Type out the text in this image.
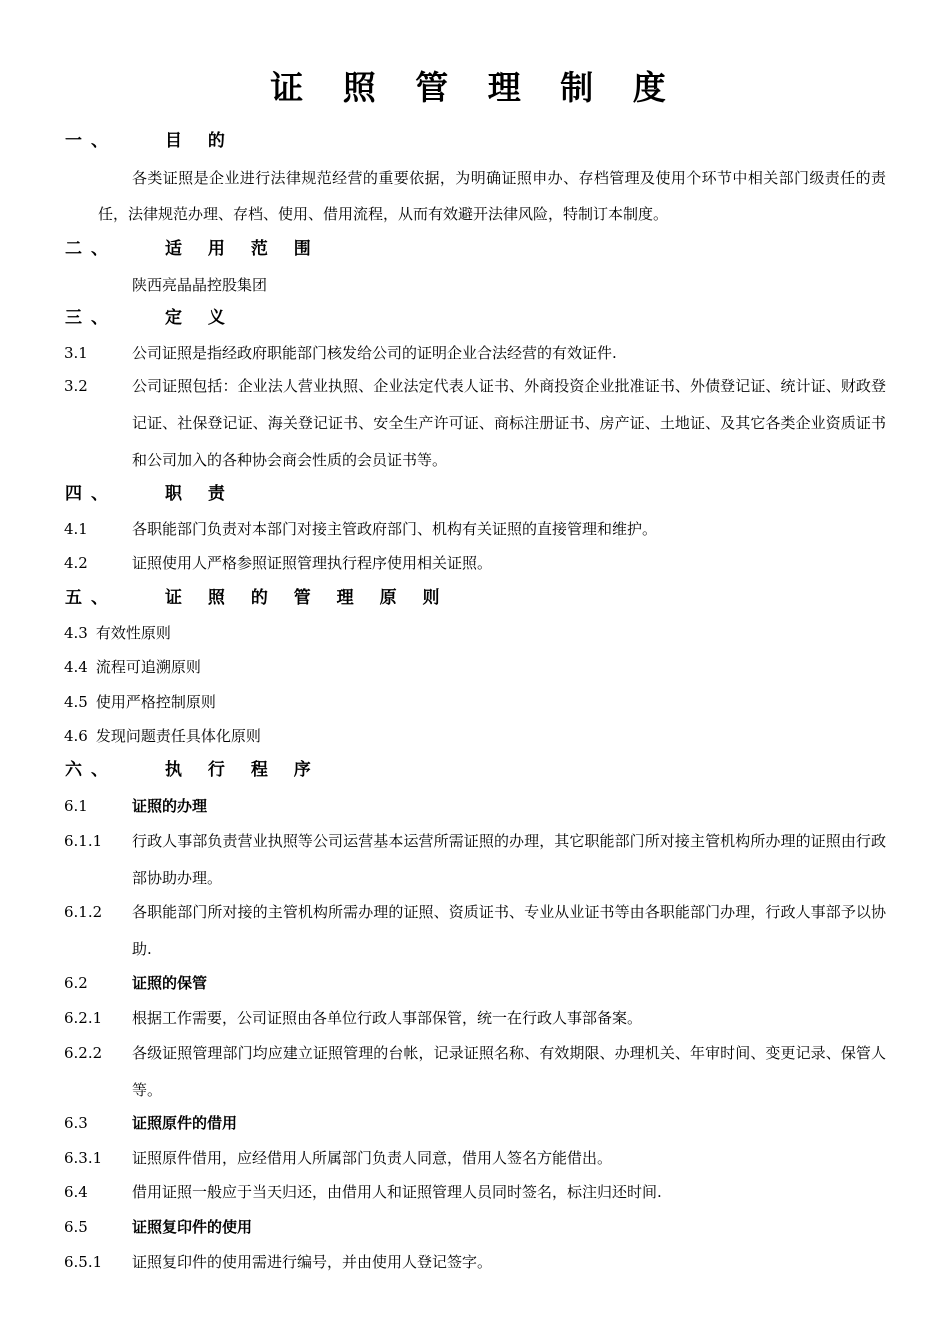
证 照 管 理 制 度
一、	目 的
各类证照是企业进行法律规范经营的重要依据，为明确证照申办、存档管理及使用个环节中相关部门级责任的责任，法律规范办理、存档、使用、借用流程，从而有效避开法律风险，特制订本制度。
二、	适 用 范 围
陕西亮晶晶控股集团
三、	定 义
3.1	公司证照是指经政府职能部门核发给公司的证明企业合法经营的有效证件.
3.2	公司证照包括：企业法人营业执照、企业法定代表人证书、外商投资企业批准证书、外债登记证、统计证、财政登记证、社保登记证、海关登记证书、安全生产许可证、商标注册证书、房产证、土地证、及其它各类企业资质证书和公司加入的各种协会商会性质的会员证书等。
四、	职 责
4.1	各职能部门负责对本部门对接主管政府部门、机构有关证照的直接管理和维护。
4.2	证照使用人严格参照证照管理执行程序使用相关证照。
五、	证 照 的 管 理 原 则
4.3 有效性原则
4.4 流程可追溯原则
4.5 使用严格控制原则
4.6 发现问题责任具体化原则
六、	执 行 程 序
6.1	证照的办理
6.1.1 行政人事部负责营业执照等公司运营基本运营所需证照的办理，其它职能部门所对接主管机构所办理的证照由行政部协助办理。
6.1.2 各职能部门所对接的主管机构所需办理的证照、资质证书、专业从业证书等由各职能部门办理，行政人事部予以协助.
6.2	证照的保管
6.2.1 根据工作需要，公司证照由各单位行政人事部保管，统一在行政人事部备案。
6.2.2 各级证照管理部门均应建立证照管理的台帐，记录证照名称、有效期限、办理机关、年审时间、变更记录、保管人等。
6.3	证照原件的借用
6.3.1 证照原件借用，应经借用人所属部门负责人同意，借用人签名方能借出。
6.4	借用证照一般应于当天归还，由借用人和证照管理人员同时签名，标注归还时间.
6.5	证照复印件的使用
6.5.1 证照复印件的使用需进行编号，并由使用人登记签字。
